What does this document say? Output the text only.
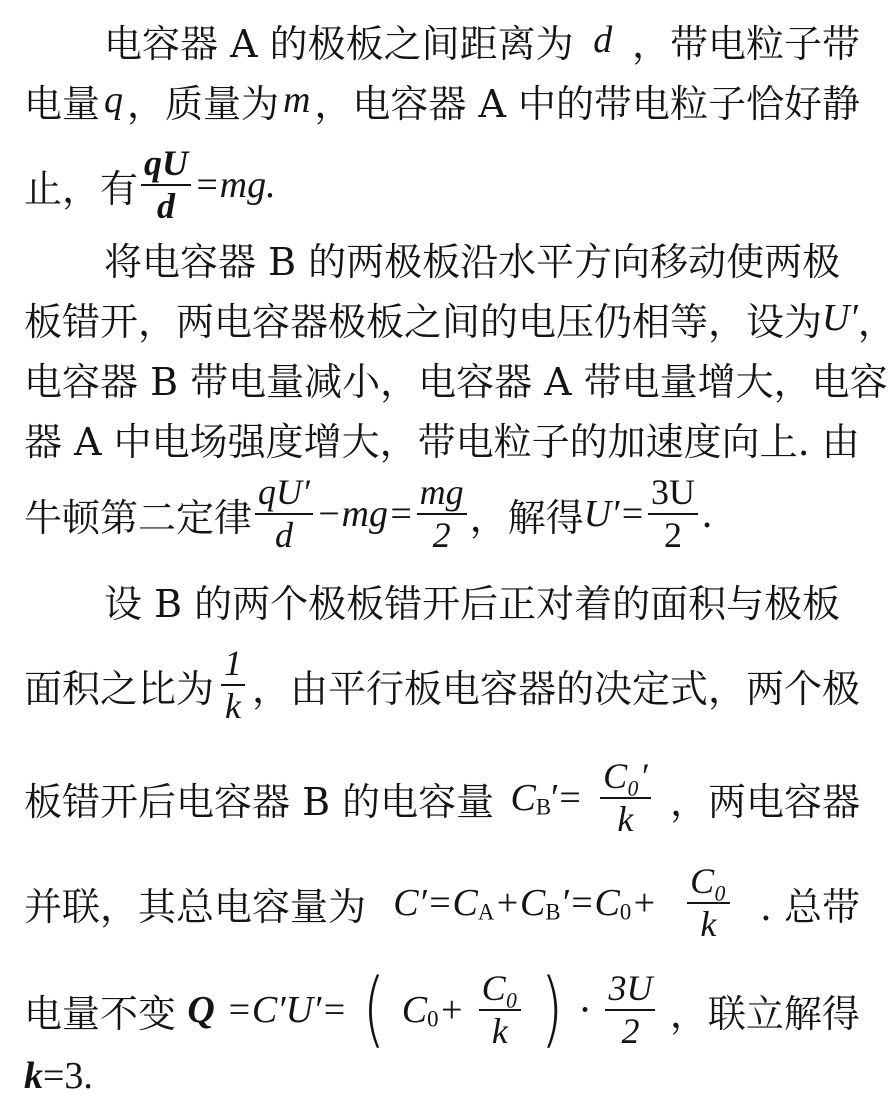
电容器 A 的极板之间距离为 d ，带电粒子带
电量 q ，质量为 m ，电容器 A 中的带电粒子恰好静
止，有 $\frac{qU}{d} =mg$.
将电容器 B 的两极板沿水平方向移动使两极
板错开，两电容器极板之间的电压仍相等，设为 U′ ，
电容器 B 带电量减小，电容器 A 带电量增大，电容
器 A 中电场强度增大，带电粒子的加速度向上. 由
牛顿第二定律 $\frac{qU'}{d} -mg= \frac{mg}{2}$ ，解得 $U'= \frac{3U}{2}$ .
设 B 的两个极板错开后正对着的面积与极板
面积之比为 $\frac{1}{k}$ ，由平行板电容器的决定式，两个极
板错开后电容器 B 的电容量 $CB'= \frac{\text{C₀′}}{k}$ ，两电容器
并联，其总电容量为 $C'=CA+CB'=C0+ \frac{\text{C₀}}{k}$ . 总带
电量不变 Q =C′U′= ( $C0+ \frac{\text{C₀}}{k}$ ) · $\frac{3U}{2}$ ，联立解得
k =3.
